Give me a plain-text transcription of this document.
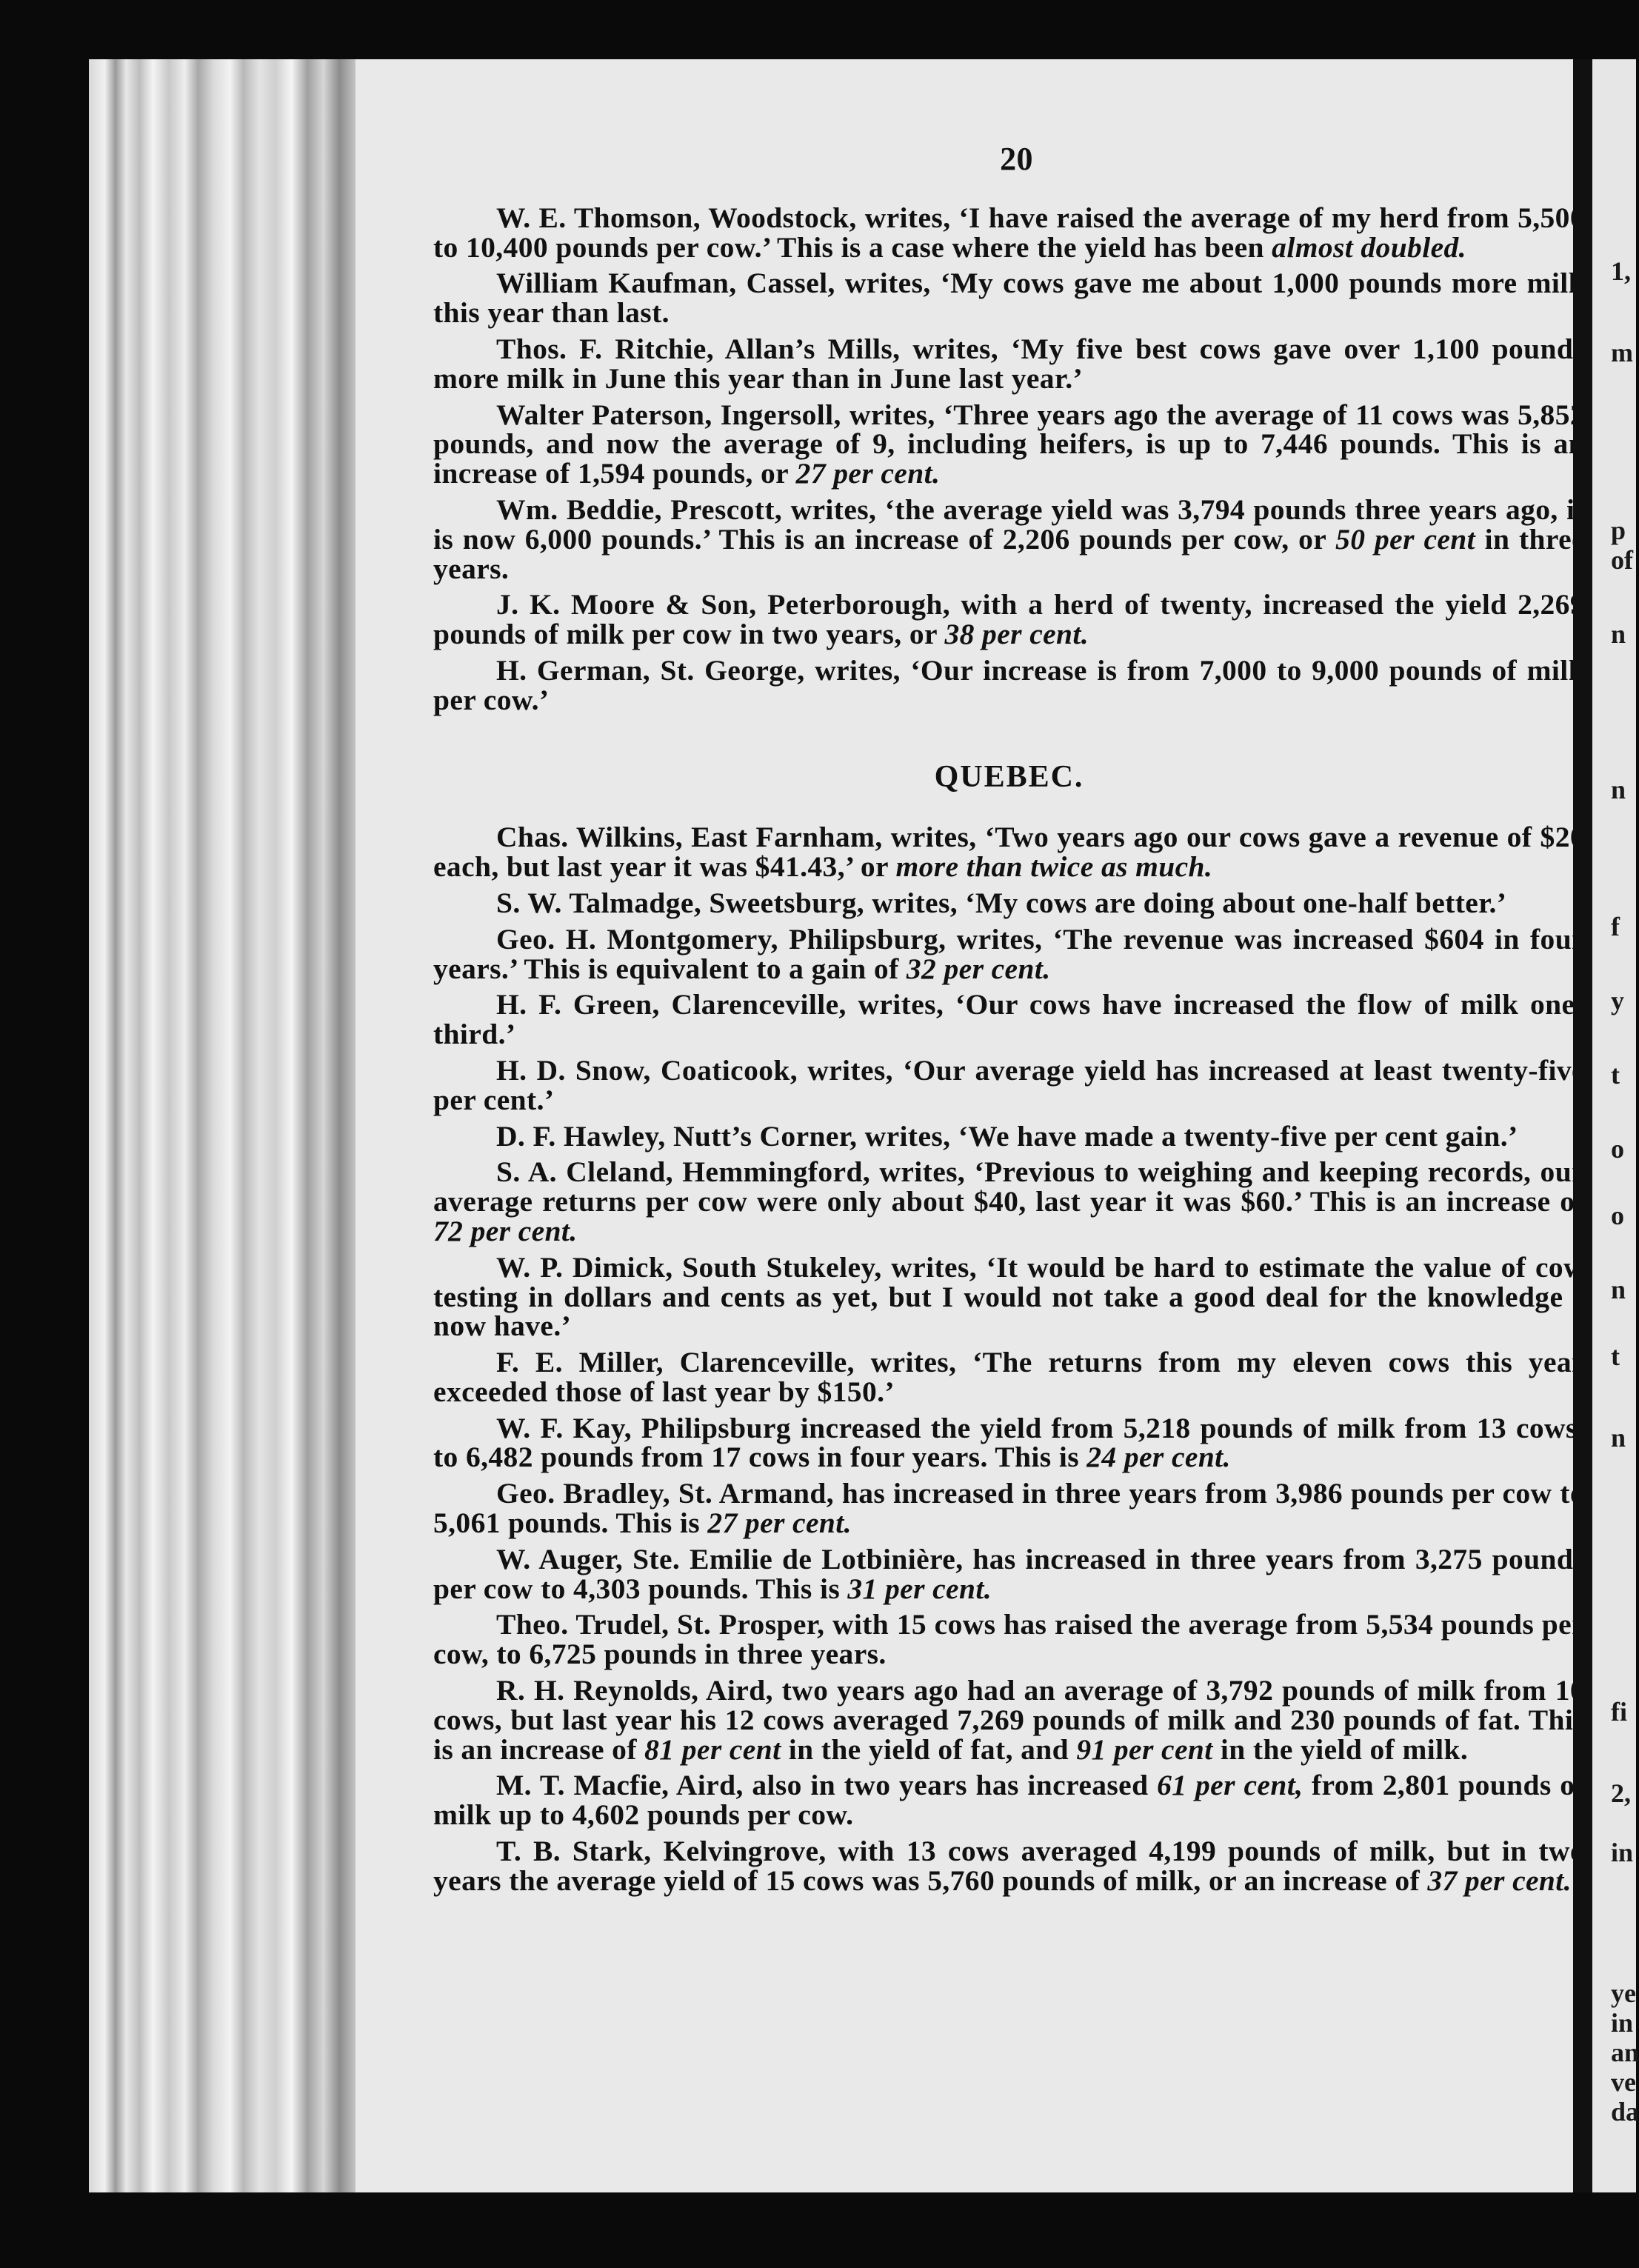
1,
m
p
of
n
n
f
y
t
o
o
n
t
n
fi
2,
in
ye
in
an
ve
da
20

W. E. Thomson, Woodstock, writes, ‘I have raised the average of my herd from 5,500 to 10,400 pounds per cow.’ This is a case where the yield has been almost doubled.

William Kaufman, Cassel, writes, ‘My cows gave me about 1,000 pounds more milk this year than last.

Thos. F. Ritchie, Allan’s Mills, writes, ‘My five best cows gave over 1,100 pounds more milk in June this year than in June last year.’

Walter Paterson, Ingersoll, writes, ‘Three years ago the average of 11 cows was 5,852 pounds, and now the average of 9, including heifers, is up to 7,446 pounds. This is an increase of 1,594 pounds, or 27 per cent.

Wm. Beddie, Prescott, writes, ‘the average yield was 3,794 pounds three years ago, it is now 6,000 pounds.’ This is an increase of 2,206 pounds per cow, or 50 per cent in three years.

J. K. Moore & Son, Peterborough, with a herd of twenty, increased the yield 2,269 pounds of milk per cow in two years, or 38 per cent.

H. German, St. George, writes, ‘Our increase is from 7,000 to 9,000 pounds of milk per cow.’

QUEBEC.

Chas. Wilkins, East Farnham, writes, ‘Two years ago our cows gave a revenue of $20 each, but last year it was $41.43,’ or more than twice as much.

S. W. Talmadge, Sweetsburg, writes, ‘My cows are doing about one-half better.’

Geo. H. Montgomery, Philipsburg, writes, ‘The revenue was increased $604 in four years.’ This is equivalent to a gain of 32 per cent.

H. F. Green, Clarenceville, writes, ‘Our cows have increased the flow of milk one-third.’

H. D. Snow, Coaticook, writes, ‘Our average yield has increased at least twenty-five per cent.’

D. F. Hawley, Nutt’s Corner, writes, ‘We have made a twenty-five per cent gain.’

S. A. Cleland, Hemmingford, writes, ‘Previous to weighing and keeping records, our average returns per cow were only about $40, last year it was $60.’ This is an increase of 72 per cent.

W. P. Dimick, South Stukeley, writes, ‘It would be hard to estimate the value of cow testing in dollars and cents as yet, but I would not take a good deal for the knowledge I now have.’

F. E. Miller, Clarenceville, writes, ‘The returns from my eleven cows this year exceeded those of last year by $150.’

W. F. Kay, Philipsburg increased the yield from 5,218 pounds of milk from 13 cows, to 6,482 pounds from 17 cows in four years. This is 24 per cent.

Geo. Bradley, St. Armand, has increased in three years from 3,986 pounds per cow to 5,061 pounds. This is 27 per cent.

W. Auger, Ste. Emilie de Lotbinière, has increased in three years from 3,275 pounds per cow to 4,303 pounds. This is 31 per cent.

Theo. Trudel, St. Prosper, with 15 cows has raised the average from 5,534 pounds per cow, to 6,725 pounds in three years.

R. H. Reynolds, Aird, two years ago had an average of 3,792 pounds of milk from 10 cows, but last year his 12 cows averaged 7,269 pounds of milk and 230 pounds of fat. This is an increase of 81 per cent in the yield of fat, and 91 per cent in the yield of milk.

M. T. Macfie, Aird, also in two years has increased 61 per cent, from 2,801 pounds of milk up to 4,602 pounds per cow.

T. B. Stark, Kelvingrove, with 13 cows averaged 4,199 pounds of milk, but in two years the average yield of 15 cows was 5,760 pounds of milk, or an increase of 37 per cent.
